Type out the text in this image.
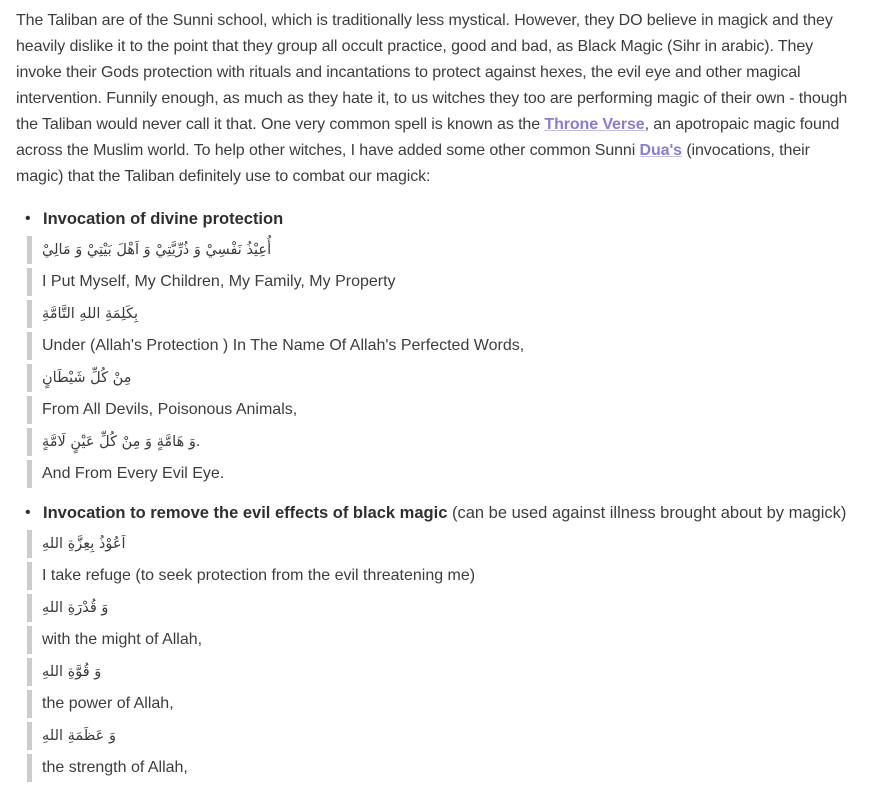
The Taliban are of the Sunni school, which is traditionally less mystical. However, they DO believe in magick and they heavily dislike it to the point that they group all occult practice, good and bad, as Black Magic (Sihr in arabic). They invoke their Gods protection with rituals and incantations to protect against hexes, the evil eye and other magical intervention. Funnily enough, as much as they hate it, to us witches they too are performing magic of their own - though the Taliban would never call it that. One very common spell is known as the Throne Verse, an apotropaic magic found across the Muslim world. To help other witches, I have added some other common Sunni Dua's (invocations, their magic) that the Taliban definitely use to combat our magick:

• Invocation of divine protection
أُعِيْذُ نَفْسِيْ وَ ذُرِّيَّتِيْ وَ اَهْلَ بَيْتِيْ وَ مَالِيْ
I Put Myself, My Children, My Family, My Property
بِكَلِمَةِ اللهِ التَّامَّةِ
Under (Allah's Protection ) In The Name Of Allah's Perfected Words,
مِنْ كُلِّ شَيْطَانٍ
From All Devils, Poisonous Animals,
وَ هَامَّةٍ وَ مِنْ كُلِّ عَيْنٍ لَامَّةٍ.
And From Every Evil Eye.
• Invocation to remove the evil effects of black magic (can be used against illness brought about by magick)
اَعُوْذُ بِعِزَّةِ اللهِ
I take refuge (to seek protection from the evil threatening me)
وَ قُدْرَةِ اللهِ
with the might of Allah,
وَ قُوَّةِ اللهِ
the power of Allah,
وَ عَظَمَةِ اللهِ
the strength of Allah,
